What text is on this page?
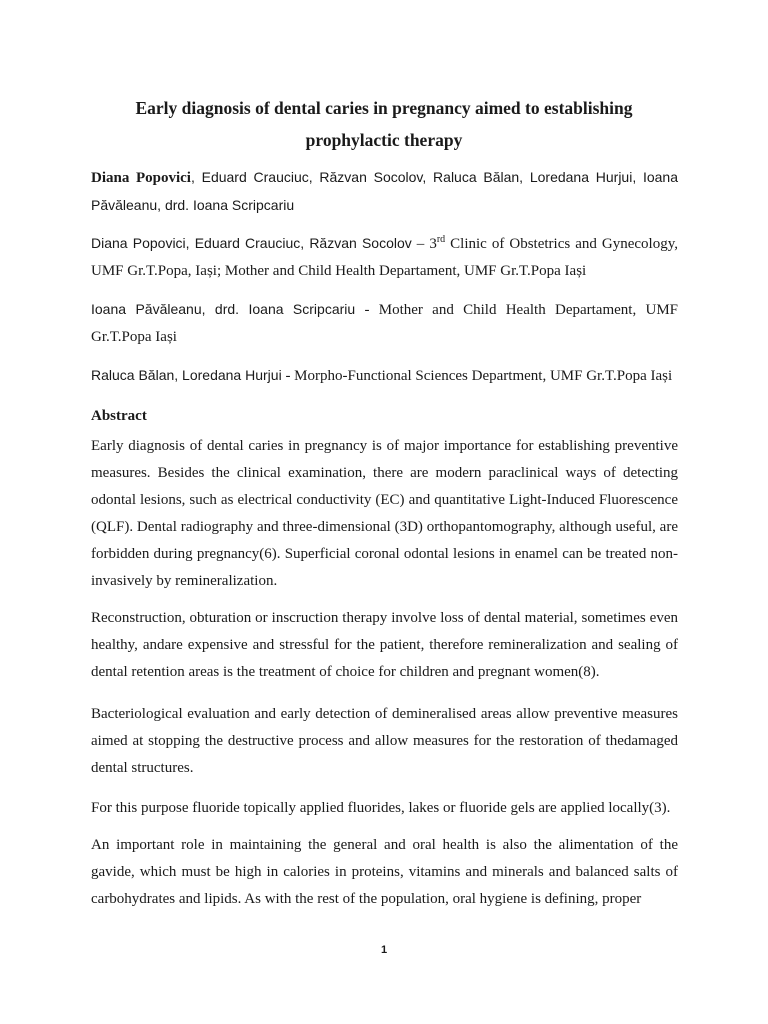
Early diagnosis of dental caries in pregnancy aimed to establishing
prophylactic therapy
Diana Popovici, Eduard Crauciuc, Răzvan Socolov, Raluca Bălan, Loredana Hurjui, Ioana Păvăleanu, drd. Ioana Scripcariu
Diana Popovici, Eduard Crauciuc, Răzvan Socolov – 3rd Clinic of Obstetrics and Gynecology, UMF Gr.T.Popa, Iași; Mother and Child Health Departament, UMF Gr.T.Popa Iași
Ioana Păvăleanu, drd. Ioana Scripcariu - Mother and Child Health Departament, UMF Gr.T.Popa Iași
Raluca Bălan, Loredana Hurjui - Morpho-Functional Sciences Department, UMF Gr.T.Popa Iași
Abstract
Early diagnosis of dental caries in pregnancy is of major importance for establishing preventive measures. Besides the clinical examination, there are modern paraclinical ways of detecting odontal lesions, such as electrical conductivity (EC) and quantitative Light-Induced Fluorescence (QLF). Dental radiography and three-dimensional (3D) orthopantomography, although useful, are forbidden during pregnancy(6). Superficial coronal odontal lesions in enamel can be treated non-invasively by remineralization.
Reconstruction, obturation or inscruction therapy involve loss of dental material, sometimes even healthy, andare expensive and stressful for the patient, therefore remineralization and sealing of dental retention areas is the treatment of choice for children and pregnant women(8).
Bacteriological evaluation and early detection of demineralised areas allow preventive measures aimed at stopping the destructive process and allow measures for the restoration of thedamaged dental structures.
For this purpose fluoride topically applied fluorides, lakes or fluoride gels are applied locally(3).
An important role in maintaining the general and oral health is also the alimentation of the gavide, which must be high in calories in proteins, vitamins and minerals and balanced salts of carbohydrates and lipids. As with the rest of the population, oral hygiene is defining, proper
1
